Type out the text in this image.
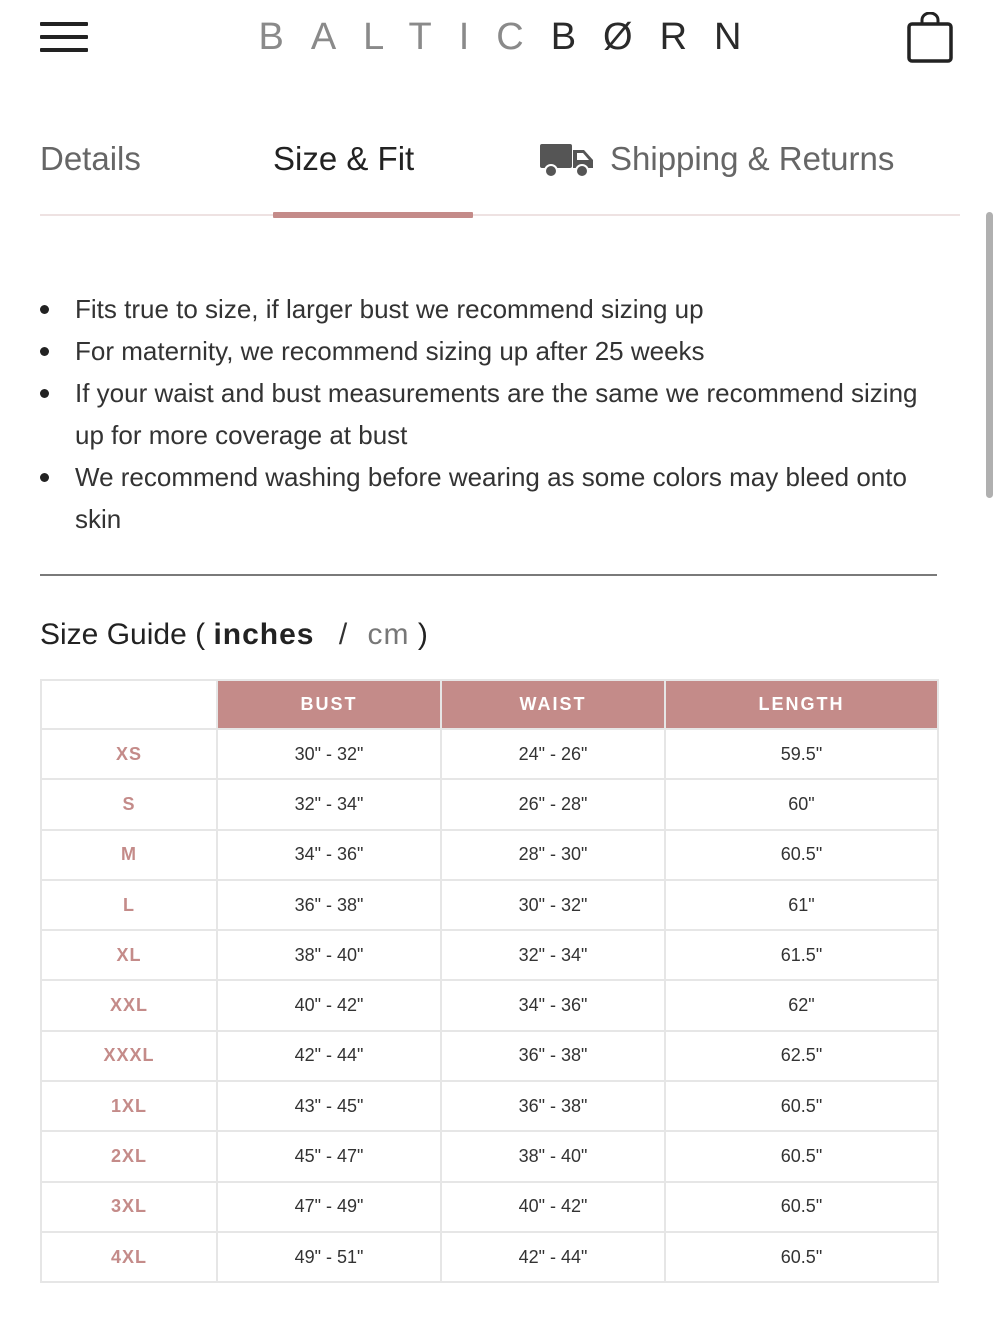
BALTICBØRN
Details	Size & Fit	Shipping & Returns
Fits true to size, if larger bust we recommend sizing up
For maternity, we recommend sizing up after 25 weeks
If your waist and bust measurements are the same we recommend sizing up for more coverage at bust
We recommend washing before wearing as some colors may bleed onto skin
Size Guide ( inches / cm )
	BUST	WAIST	LENGTH
XS	30" - 32"	24" - 26"	59.5"
S	32" - 34"	26" - 28"	60"
M	34" - 36"	28" - 30"	60.5"
L	36" - 38"	30" - 32"	61"
XL	38" - 40"	32" - 34"	61.5"
XXL	40" - 42"	34" - 36"	62"
XXXL	42" - 44"	36" - 38"	62.5"
1XL	43" - 45"	36" - 38"	60.5"
2XL	45" - 47"	38" - 40"	60.5"
3XL	47" - 49"	40" - 42"	60.5"
4XL	49" - 51"	42" - 44"	60.5"
